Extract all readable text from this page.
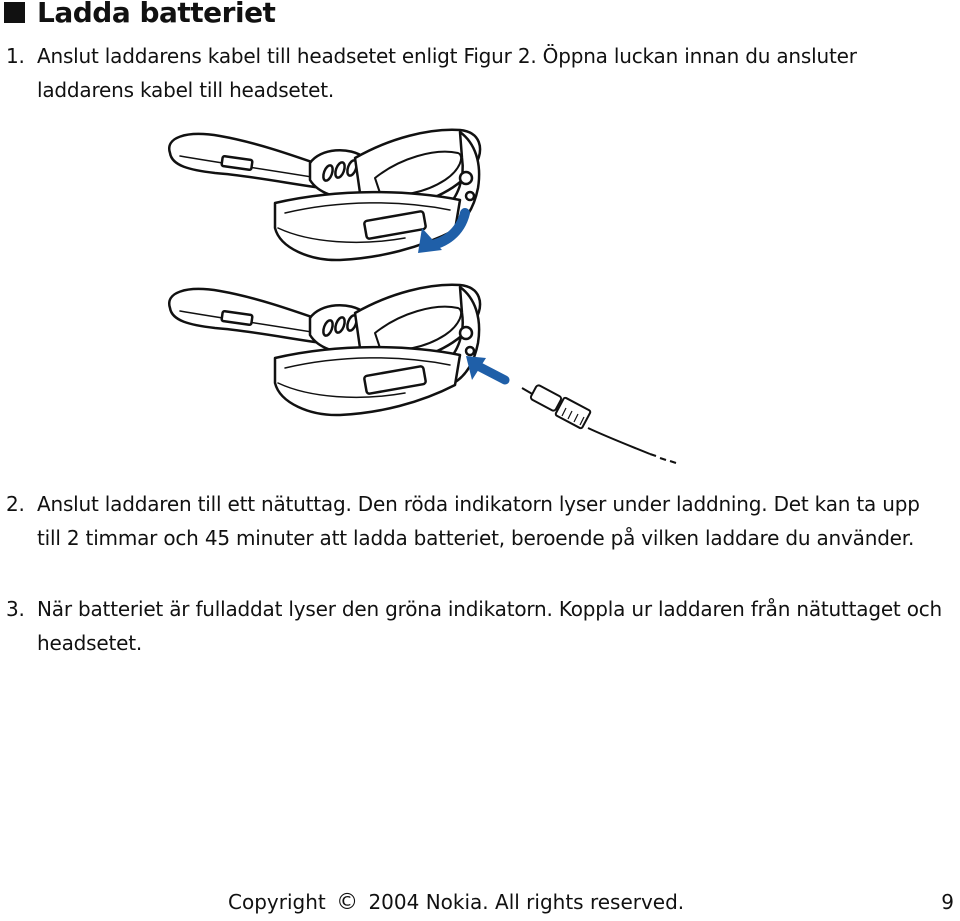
Ladda batteriet
1. Anslut laddarens kabel till headsetet enligt Figur 2. Öppna luckan innan du ansluter laddarens kabel till headsetet.
2. Anslut laddaren till ett nätuttag. Den röda indikatorn lyser under laddning. Det kan ta upp till 2 timmar och 45 minuter att ladda batteriet, beroende på vilken laddare du använder.
3. När batteriet är fulladdat lyser den gröna indikatorn. Koppla ur laddaren från nätuttaget och headsetet.
Copyright © 2004 Nokia. All rights reserved.	9
